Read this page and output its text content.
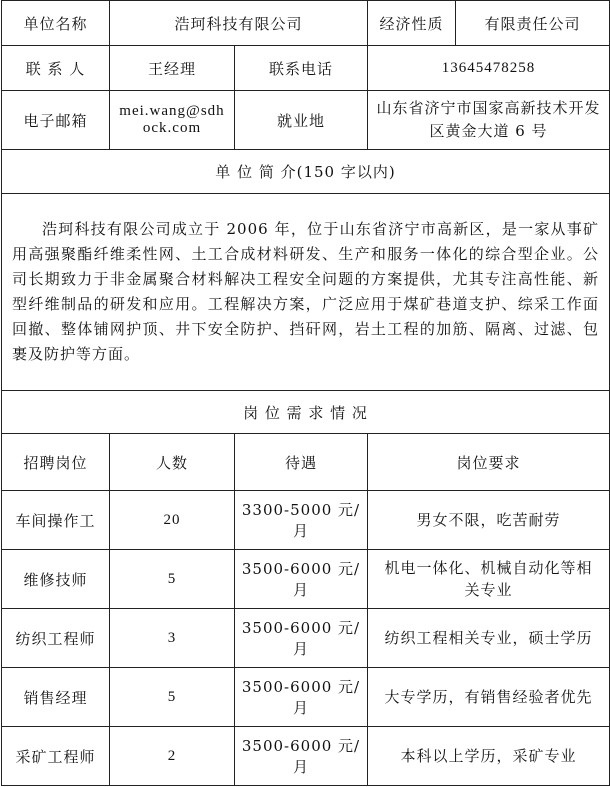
单位名称	浩珂科技有限公司		经济性质	有限责任公司
联 系 人	王经理	联系电话	13645478258	
电子邮箱	mei.wang@sdhock.com	就业地	山东省济宁市国家高新技术开发区黄金大道 6 号	
单 位 简 介(150 字以内)				

浩珂科技有限公司成立于 2006 年，位于山东省济宁市高新区，是一家从事矿用高强聚酯纤维柔性网、土工合成材料研发、生产和服务一体化的综合型企业。公司长期致力于非金属聚合材料解决工程安全问题的方案提供，尤其专注高性能、新型纤维制品的研发和应用。工程解决方案，广泛应用于煤矿巷道支护、综采工作面回撤、整体铺网护顶、井下安全防护、挡矸网，岩土工程的加筋、隔离、过滤、包裹及防护等方面。				

岗 位 需 求 情 况				
招聘岗位	人数	待遇	岗位要求	
车间操作工	20	3300-5000 元/月	男女不限，吃苦耐劳	
维修技师	5	3500-6000 元/月	机电一体化、机械自动化等相关专业	
纺织工程师	3	3500-6000 元/月	纺织工程相关专业，硕士学历	
销售经理	5	3500-6000 元/月	大专学历，有销售经验者优先	
采矿工程师	2	3500-6000 元/月	本科以上学历，采矿专业	
